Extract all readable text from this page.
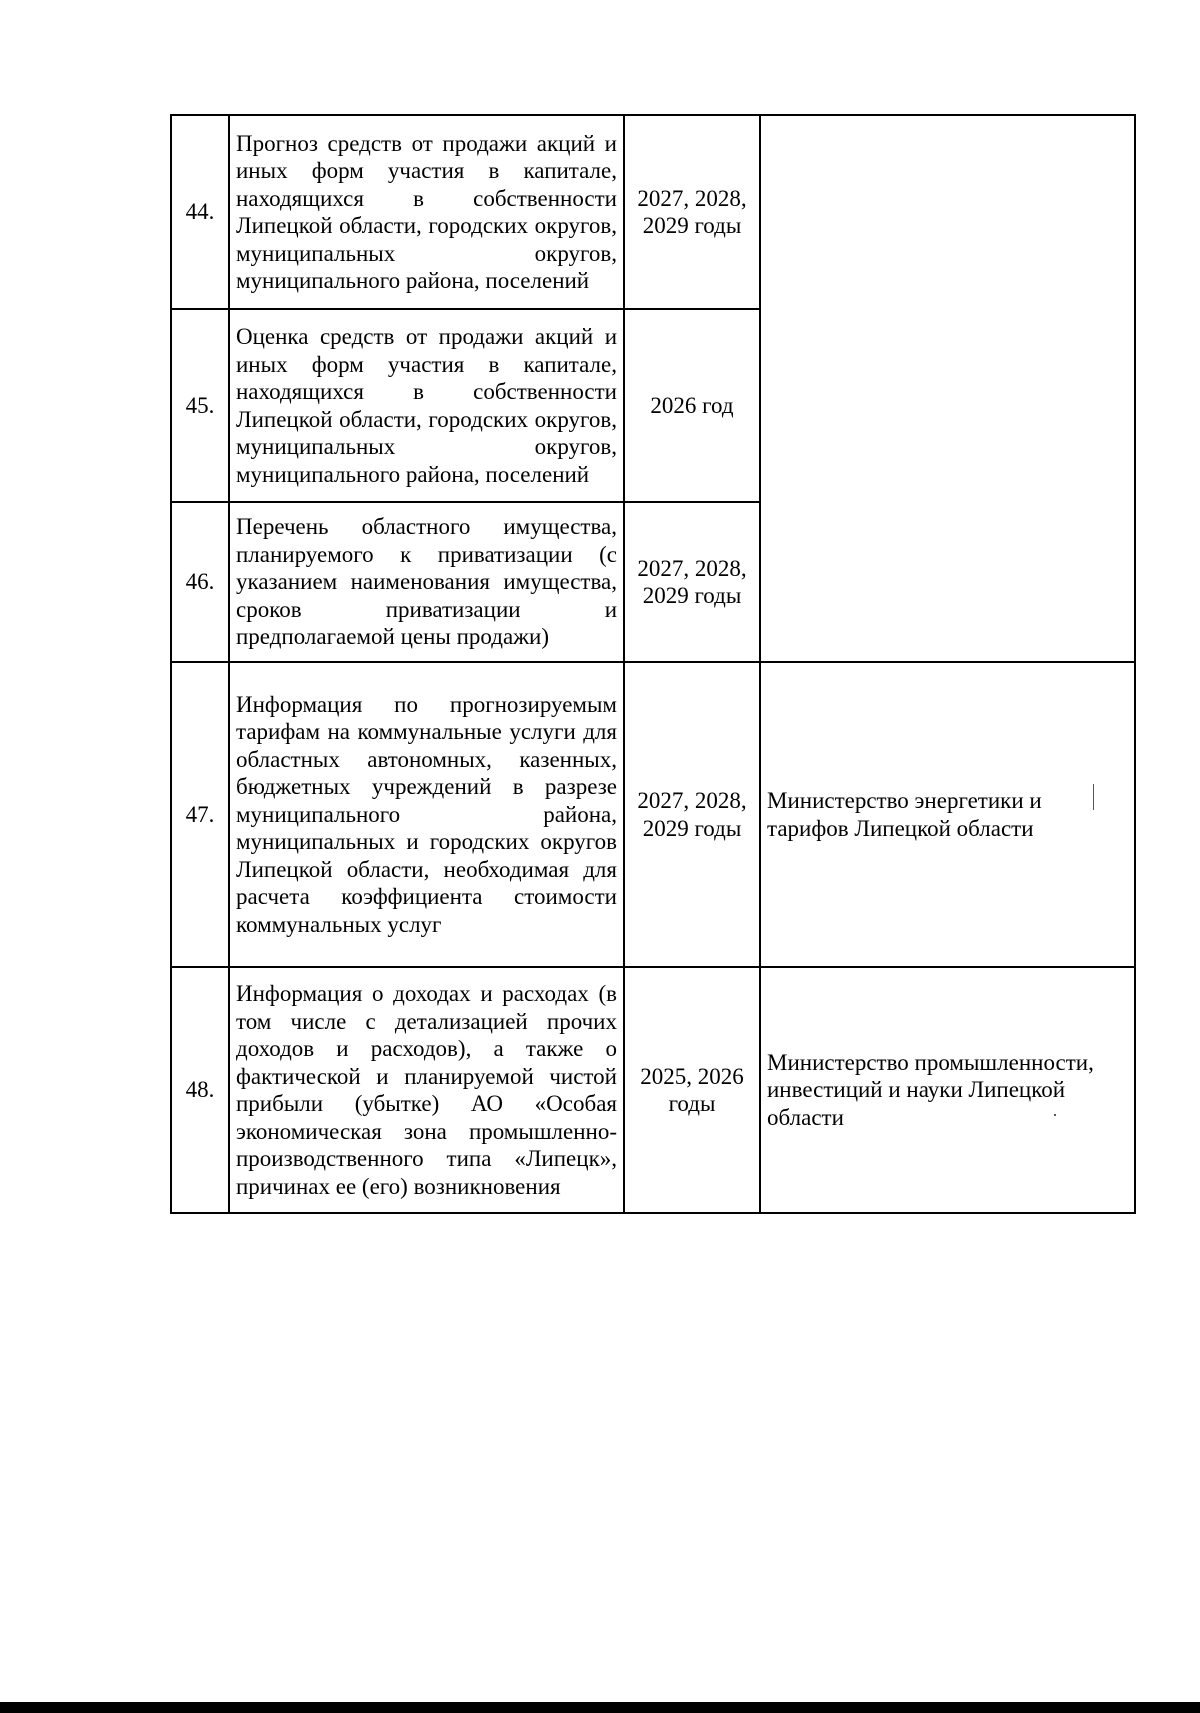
44.	Прогноз средств от продажи акций и иных форм участия в капитале, находящихся в собственности Липецкой области, городских округов, муниципальных округов, муниципального района, поселений	2027, 2028, 2029 годы	
45.	Оценка средств от продажи акций и иных форм участия в капитале, находящихся в собственности Липецкой области, городских округов, муниципальных округов, муниципального района, поселений	2026 год	
46.	Перечень областного имущества, планируемого к приватизации (с указанием наименования имущества, сроков приватизации и предполагаемой цены продажи)	2027, 2028, 2029 годы	
47.	Информация по прогнозируемым тарифам на коммунальные услуги для областных автономных, казенных, бюджетных учреждений в разрезе муниципального района, муниципальных и городских округов Липецкой области, необходимая для расчета коэффициента стоимости коммунальных услуг	2027, 2028, 2029 годы	Министерство энергетики и тарифов Липецкой области
48.	Информация о доходах и расходах (в том числе с детализацией прочих доходов и расходов), а также о фактической и планируемой чистой прибыли (убытке) АО «Особая экономическая зона промышленно-производственного типа «Липецк», причинах ее (его) возникновения	2025, 2026 годы	Министерство промышленности, инвестиций и науки Липецкой области
